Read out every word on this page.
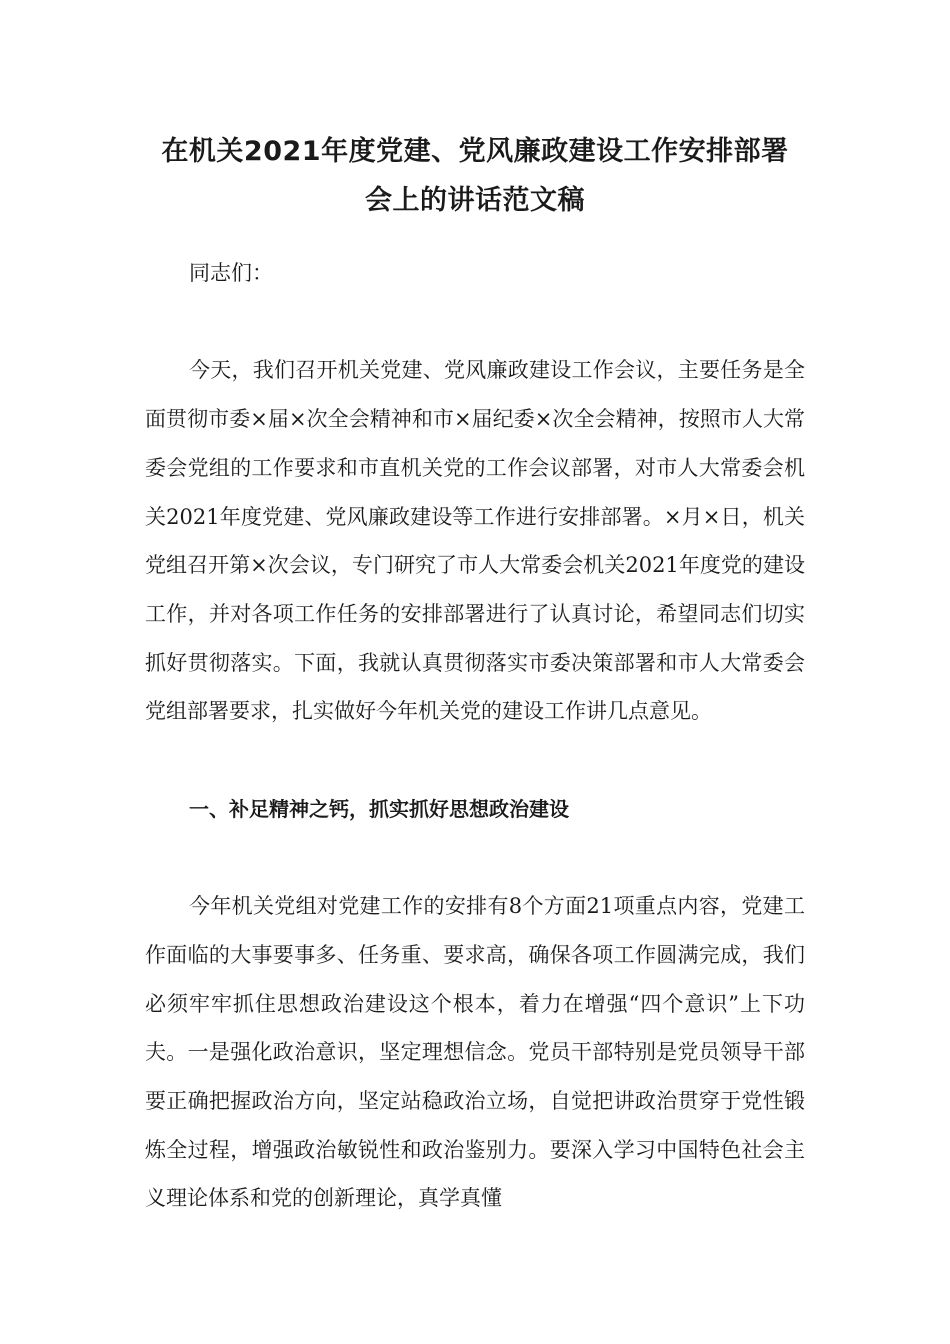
在机关2021年度党建、党风廉政建设工作安排部署
会上的讲话范文稿

同志们：

今天，我们召开机关党建、党风廉政建设工作会议，主要任务是全面贯彻市委×届×次全会精神和市×届纪委×次全会精神，按照市人大常委会党组的工作要求和市直机关党的工作会议部署，对市人大常委会机关2021年度党建、党风廉政建设等工作进行安排部署。×月×日，机关党组召开第×次会议，专门研究了市人大常委会机关2021年度党的建设工作，并对各项工作任务的安排部署进行了认真讨论，希望同志们切实抓好贯彻落实。下面，我就认真贯彻落实市委决策部署和市人大常委会党组部署要求，扎实做好今年机关党的建设工作讲几点意见。

一、补足精神之钙，抓实抓好思想政治建设

今年机关党组对党建工作的安排有8个方面21项重点内容，党建工作面临的大事要事多、任务重、要求高，确保各项工作圆满完成，我们必须牢牢抓住思想政治建设这个根本，着力在增强“四个意识”上下功夫。一是强化政治意识，坚定理想信念。党员干部特别是党员领导干部要正确把握政治方向，坚定站稳政治立场，自觉把讲政治贯穿于党性锻炼全过程，增强政治敏锐性和政治鉴别力。要深入学习中国特色社会主义理论体系和党的创新理论，真学真懂
